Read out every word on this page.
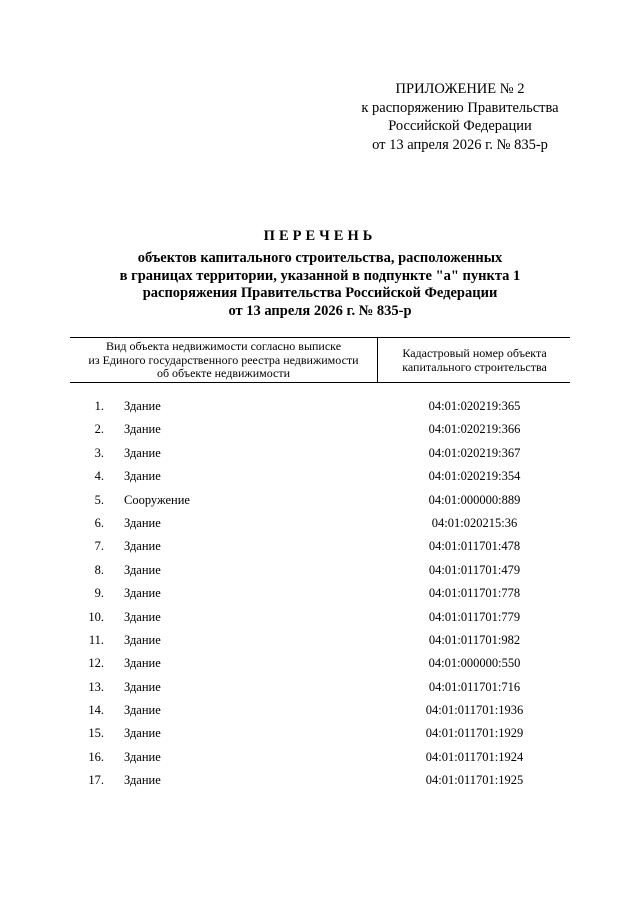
ПРИЛОЖЕНИЕ № 2
к распоряжению Правительства
Российской Федерации
от 13 апреля 2026 г. № 835-р
ПЕРЕЧЕНЬ
объектов капитального строительства, расположенных
в границах территории, указанной в подпункте "а" пункта 1
распоряжения Правительства Российской Федерации
от 13 апреля 2026 г. № 835-р
Вид объекта недвижимости согласно выписке
из Единого государственного реестра недвижимости
об объекте недвижимости
Кадастровый номер объекта
капитального строительства
1. Здание	04:01:020219:365
2. Здание	04:01:020219:366
3. Здание	04:01:020219:367
4. Здание	04:01:020219:354
5. Сооружение	04:01:000000:889
6. Здание	04:01:020215:36
7. Здание	04:01:011701:478
8. Здание	04:01:011701:479
9. Здание	04:01:011701:778
10. Здание	04:01:011701:779
11. Здание	04:01:011701:982
12. Здание	04:01:000000:550
13. Здание	04:01:011701:716
14. Здание	04:01:011701:1936
15. Здание	04:01:011701:1929
16. Здание	04:01:011701:1924
17. Здание	04:01:011701:1925
